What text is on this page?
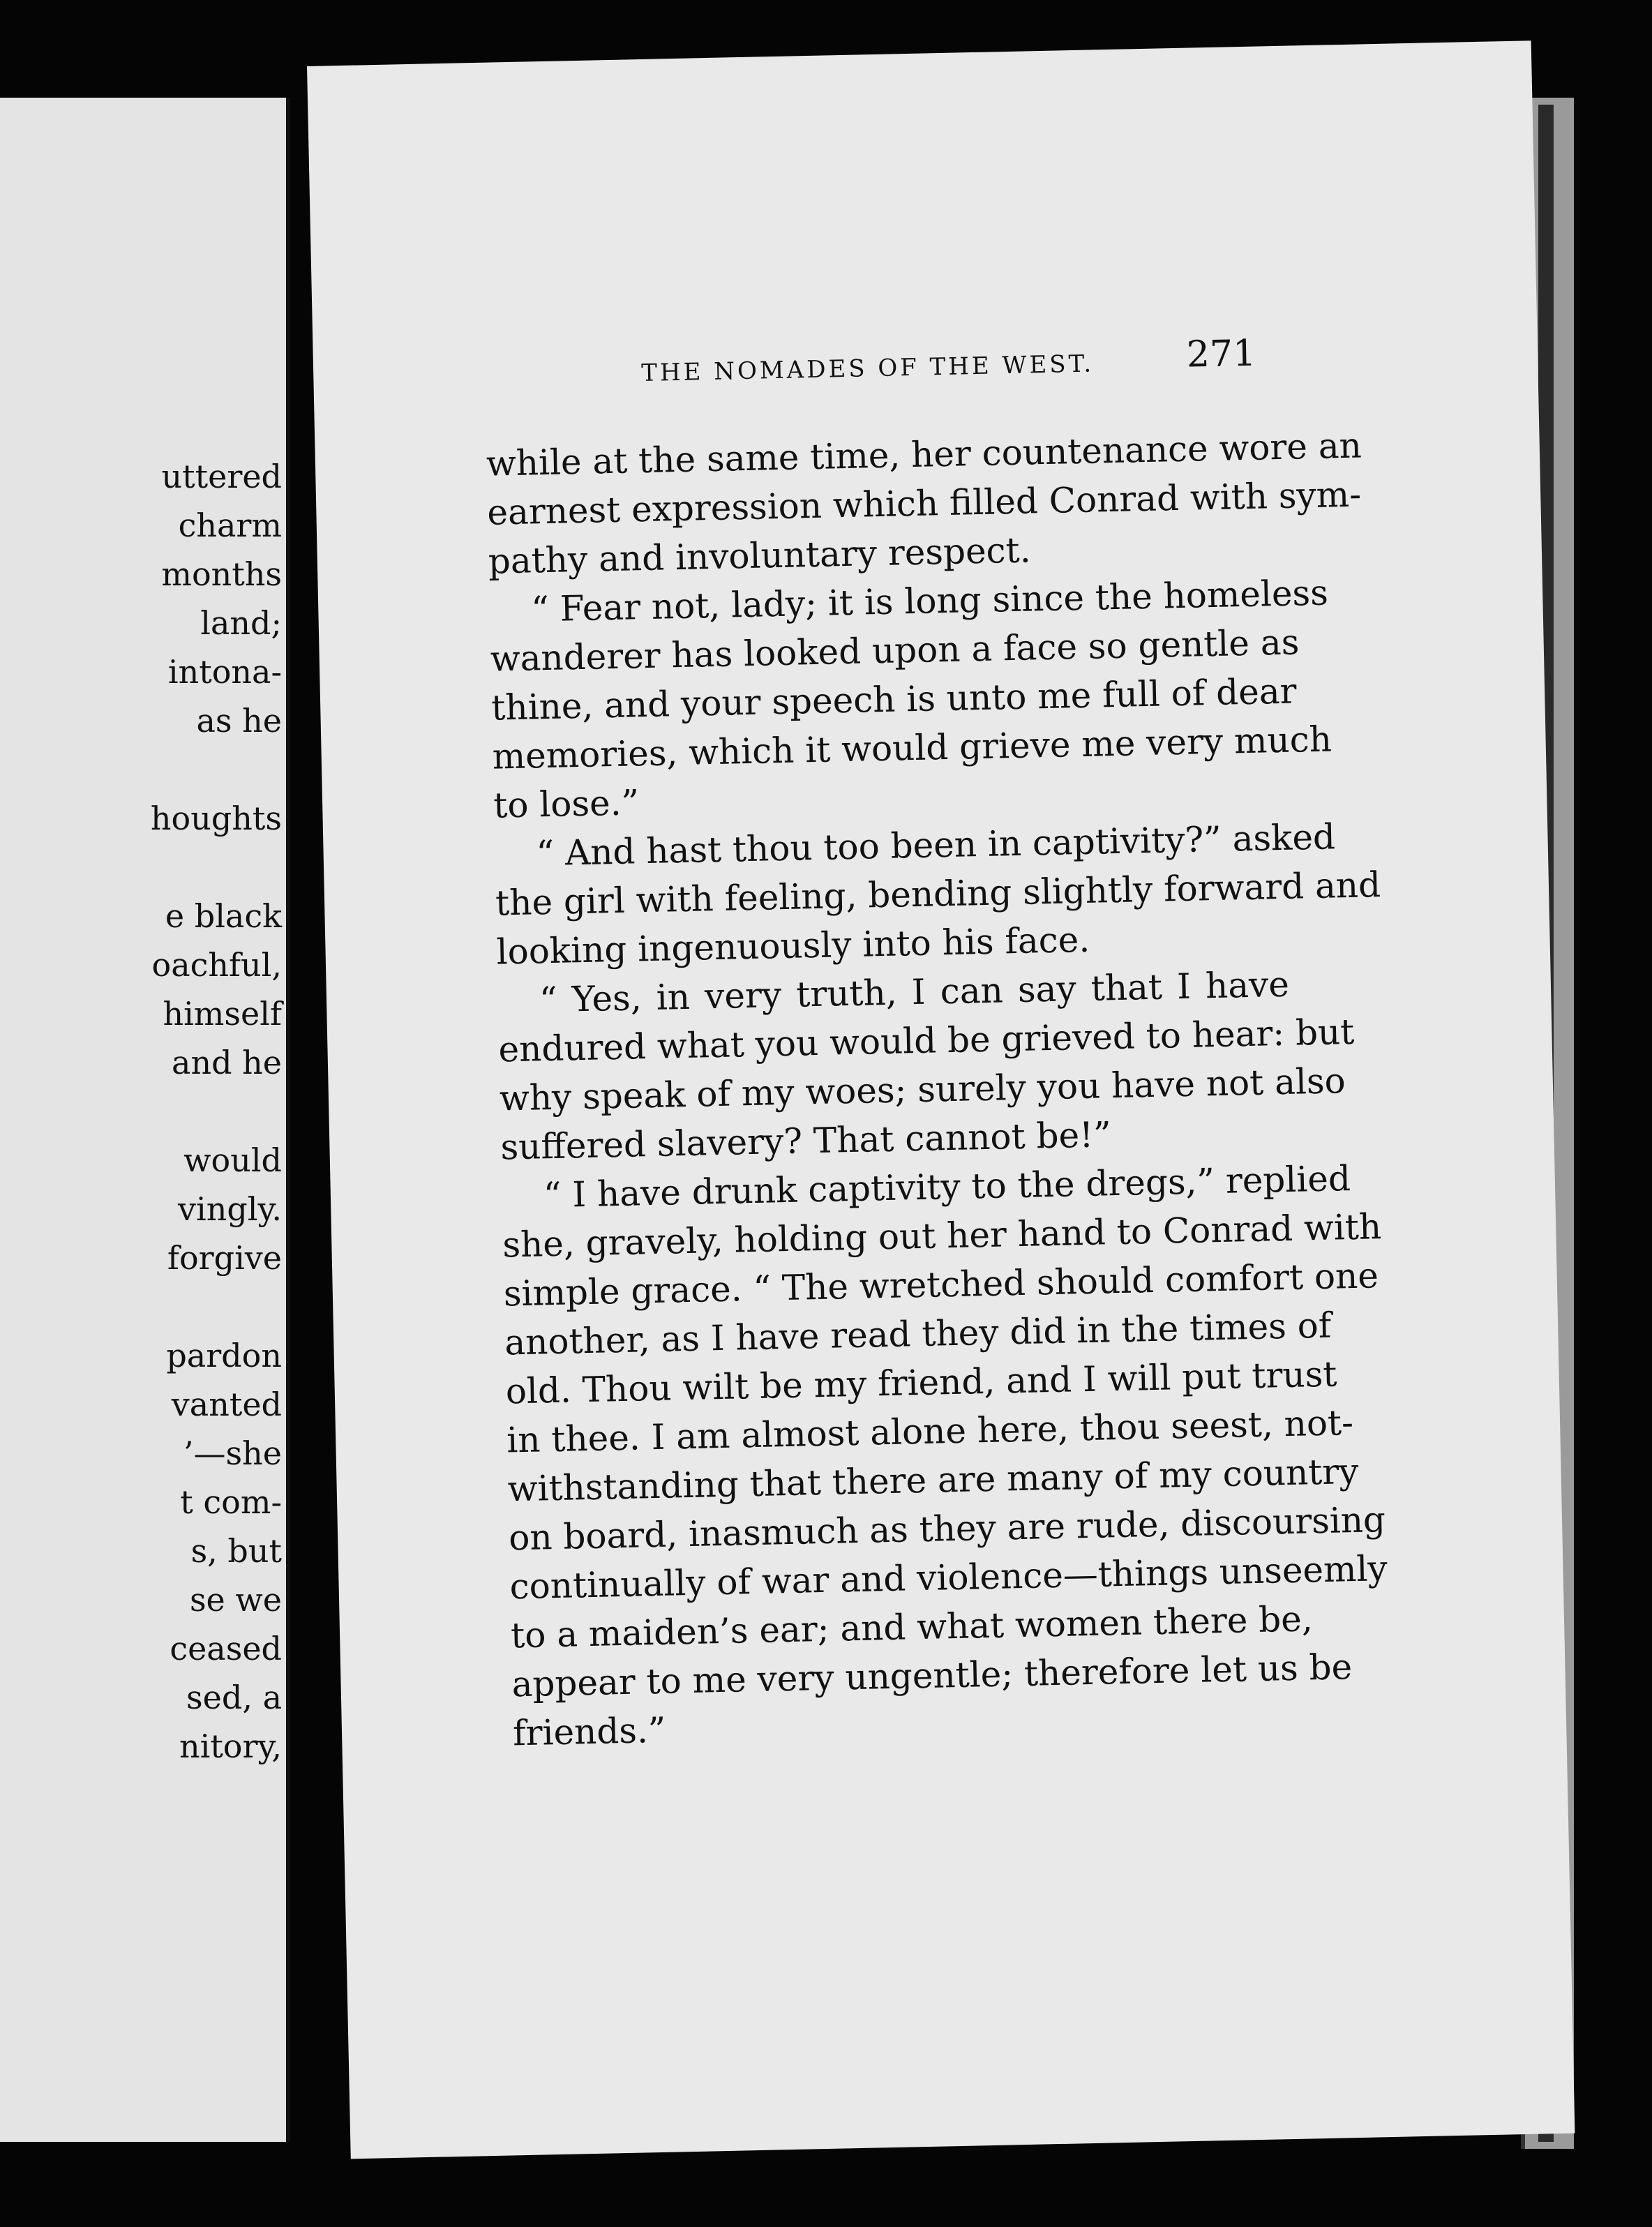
uttered
charm
months
land;
intona-
as he
houghts
e black
oachful,
himself
and he
would
vingly.
forgive
pardon
vanted
’—she
t com-
s, but
se we
ceased
sed, a
nitory,
THE NOMADES OF THE WEST.	271
while at the same time, her countenance wore an
earnest expression which filled Conrad with sym-
pathy and involuntary respect.
“ Fear not, lady; it is long since the homeless
wanderer has looked upon a face so gentle as
thine, and your speech is unto me full of dear
memories, which it would grieve me very much
to lose.”
“ And hast thou too been in captivity?” asked
the girl with feeling, bending slightly forward and
looking ingenuously into his face.
“ Yes, in very truth, I can say that I have
endured what you would be grieved to hear: but
why speak of my woes; surely you have not also
suffered slavery? That cannot be!”
“ I have drunk captivity to the dregs,” replied
she, gravely, holding out her hand to Conrad with
simple grace. “ The wretched should comfort one
another, as I have read they did in the times of
old. Thou wilt be my friend, and I will put trust
in thee. I am almost alone here, thou seest, not-
withstanding that there are many of my country
on board, inasmuch as they are rude, discoursing
continually of war and violence—things unseemly
to a maiden’s ear; and what women there be,
appear to me very ungentle; therefore let us be
friends.”
